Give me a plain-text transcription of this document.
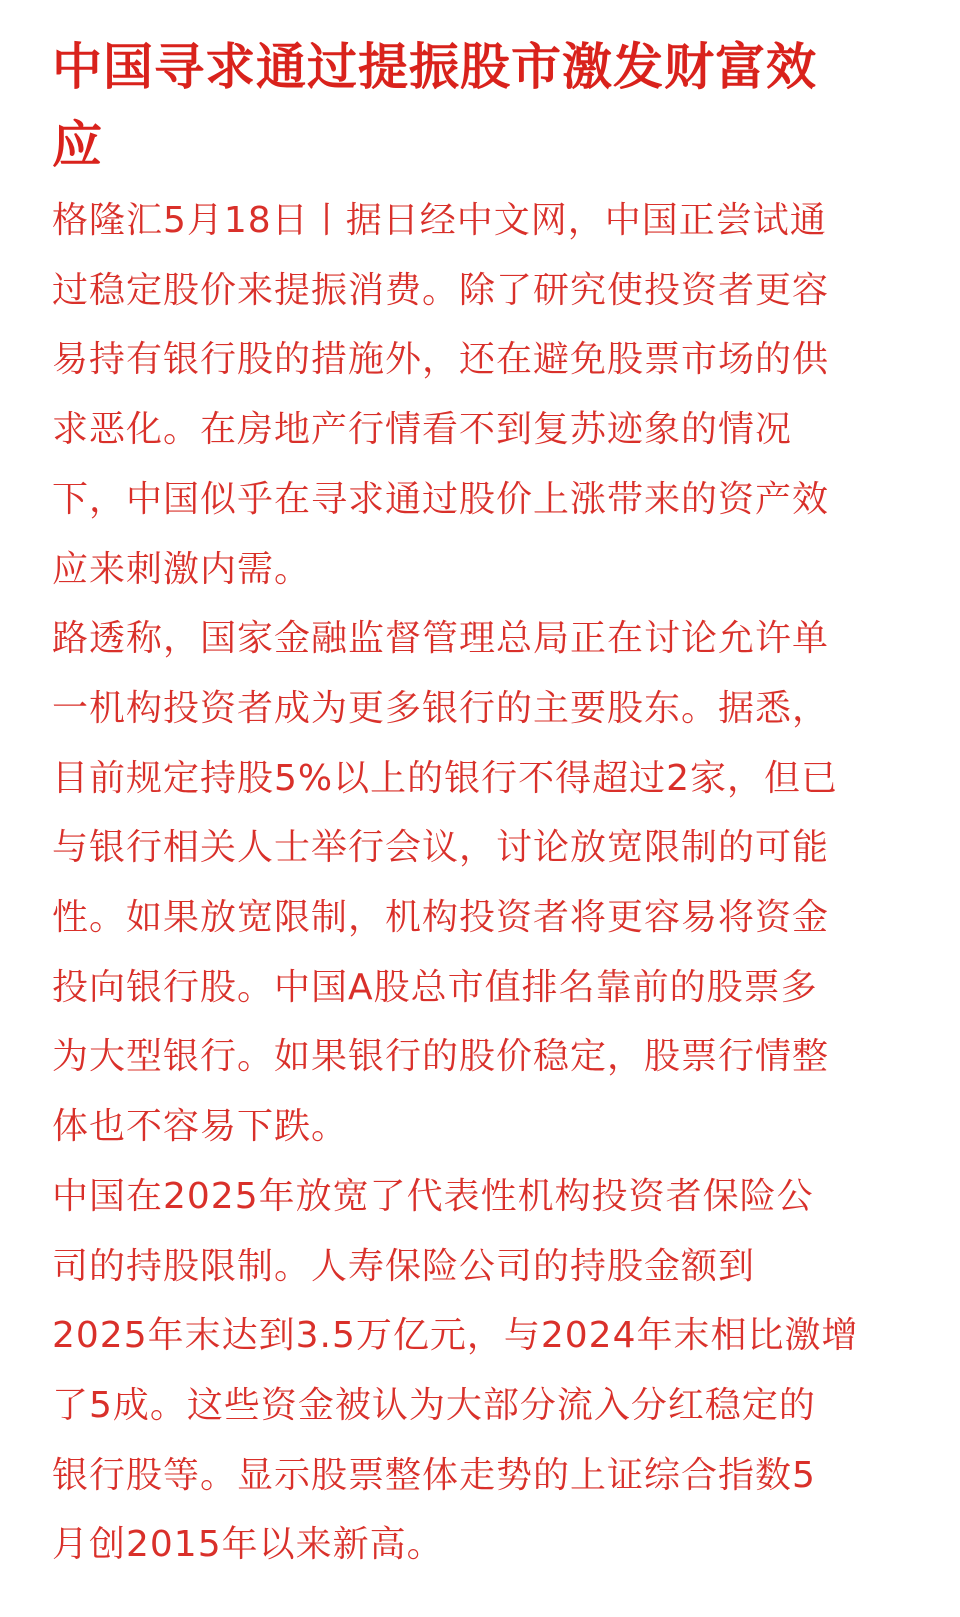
中国寻求通过提振股市激发财富效
应

格隆汇5月18日丨据日经中文网，中国正尝试通
过稳定股价来提振消费。除了研究使投资者更容
易持有银行股的措施外，还在避免股票市场的供
求恶化。在房地产行情看不到复苏迹象的情况
下，中国似乎在寻求通过股价上涨带来的资产效
应来刺激内需。

路透称，国家金融监督管理总局正在讨论允许单
一机构投资者成为更多银行的主要股东。据悉，
目前规定持股5%以上的银行不得超过2家，但已
与银行相关人士举行会议，讨论放宽限制的可能
性。如果放宽限制，机构投资者将更容易将资金
投向银行股。中国A股总市值排名靠前的股票多
为大型银行。如果银行的股价稳定，股票行情整
体也不容易下跌。

中国在2025年放宽了代表性机构投资者保险公
司的持股限制。人寿保险公司的持股金额到
2025年末达到3.5万亿元，与2024年末相比激增
了5成。这些资金被认为大部分流入分红稳定的
银行股等。显示股票整体走势的上证综合指数5
月创2015年以来新高。
